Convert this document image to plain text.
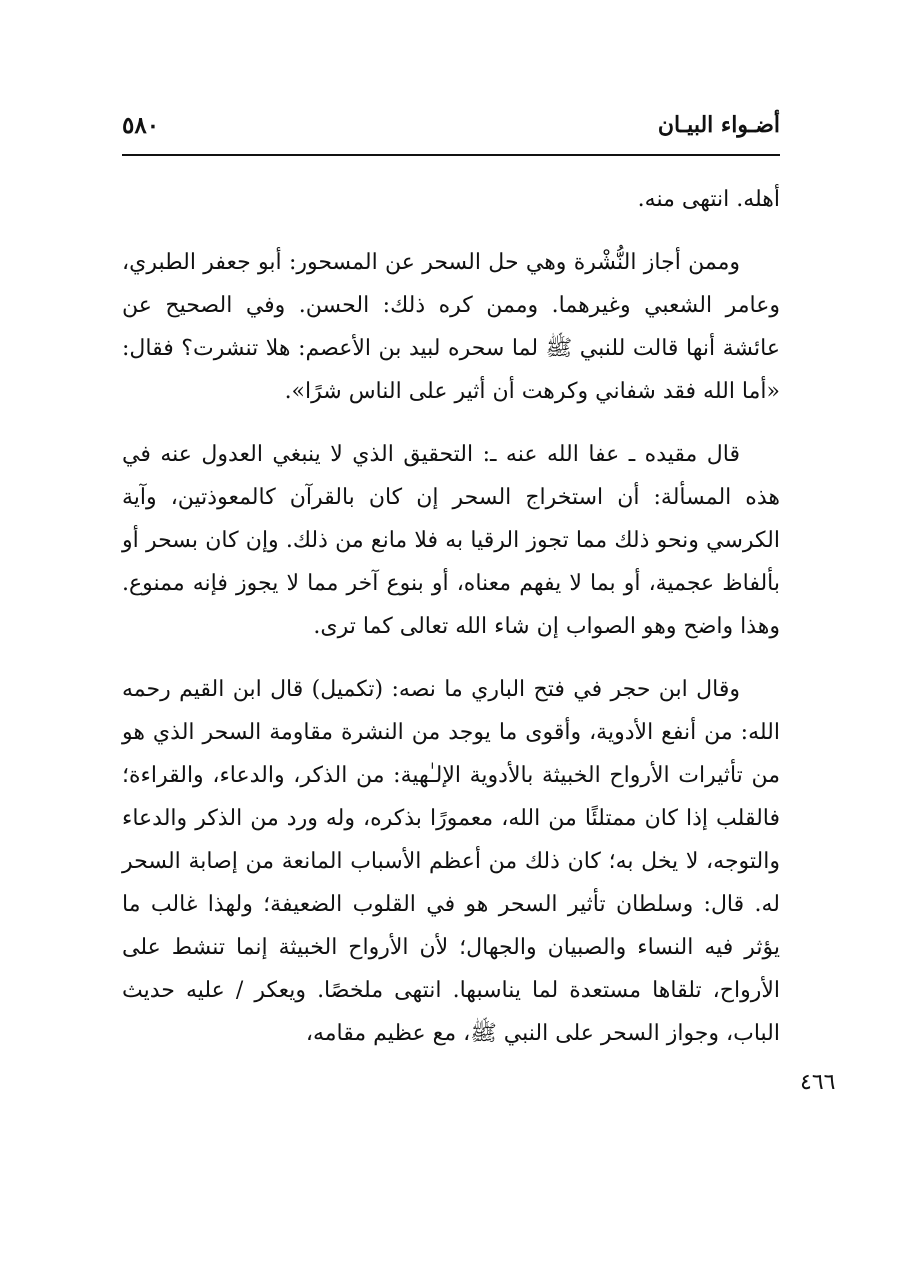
أضـواء البيـان
٥٨٠

أهله. انتهى منه.

وممن أجاز النُّشْرة وهي حل السحر عن المسحور: أبو جعفر الطبري، وعامر الشعبي وغيرهما. وممن كره ذلك: الحسن. وفي الصحيح عن عائشة أنها قالت للنبي ﷺ لما سحره لبيد بن الأعصم: هلا تنشرت؟ فقال: «أما الله فقد شفاني وكرهت أن أثير على الناس شرًا».

قال مقيده ـ عفا الله عنه ـ: التحقيق الذي لا ينبغي العدول عنه في هذه المسألة: أن استخراج السحر إن كان بالقرآن كالمعوذتين، وآية الكرسي ونحو ذلك مما تجوز الرقيا به فلا مانع من ذلك. وإن كان بسحر أو بألفاظ عجمية، أو بما لا يفهم معناه، أو بنوع آخر مما لا يجوز فإنه ممنوع. وهذا واضح وهو الصواب إن شاء الله تعالى كما ترى.

وقال ابن حجر في فتح الباري ما نصه: (تكميل) قال ابن القيم رحمه الله: من أنفع الأدوية، وأقوى ما يوجد من النشرة مقاومة السحر الذي هو من تأثيرات الأرواح الخبيثة بالأدوية الإلـٰهية: من الذكر، والدعاء، والقراءة؛ فالقلب إذا كان ممتلئًا من الله، معمورًا بذكره، وله ورد من الذكر والدعاء والتوجه، لا يخل به؛ كان ذلك من أعظم الأسباب المانعة من إصابة السحر له. قال: وسلطان تأثير السحر هو في القلوب الضعيفة؛ ولهذا غالب ما يؤثر فيه النساء والصبيان والجهال؛ لأن الأرواح الخبيثة إنما تنشط على الأرواح، تلقاها مستعدة لما يناسبها. انتهى ملخصًا. ويعكر / عليه حديث الباب، وجواز السحر على النبي ﷺ، مع عظيم مقامه،

٤٦٦
